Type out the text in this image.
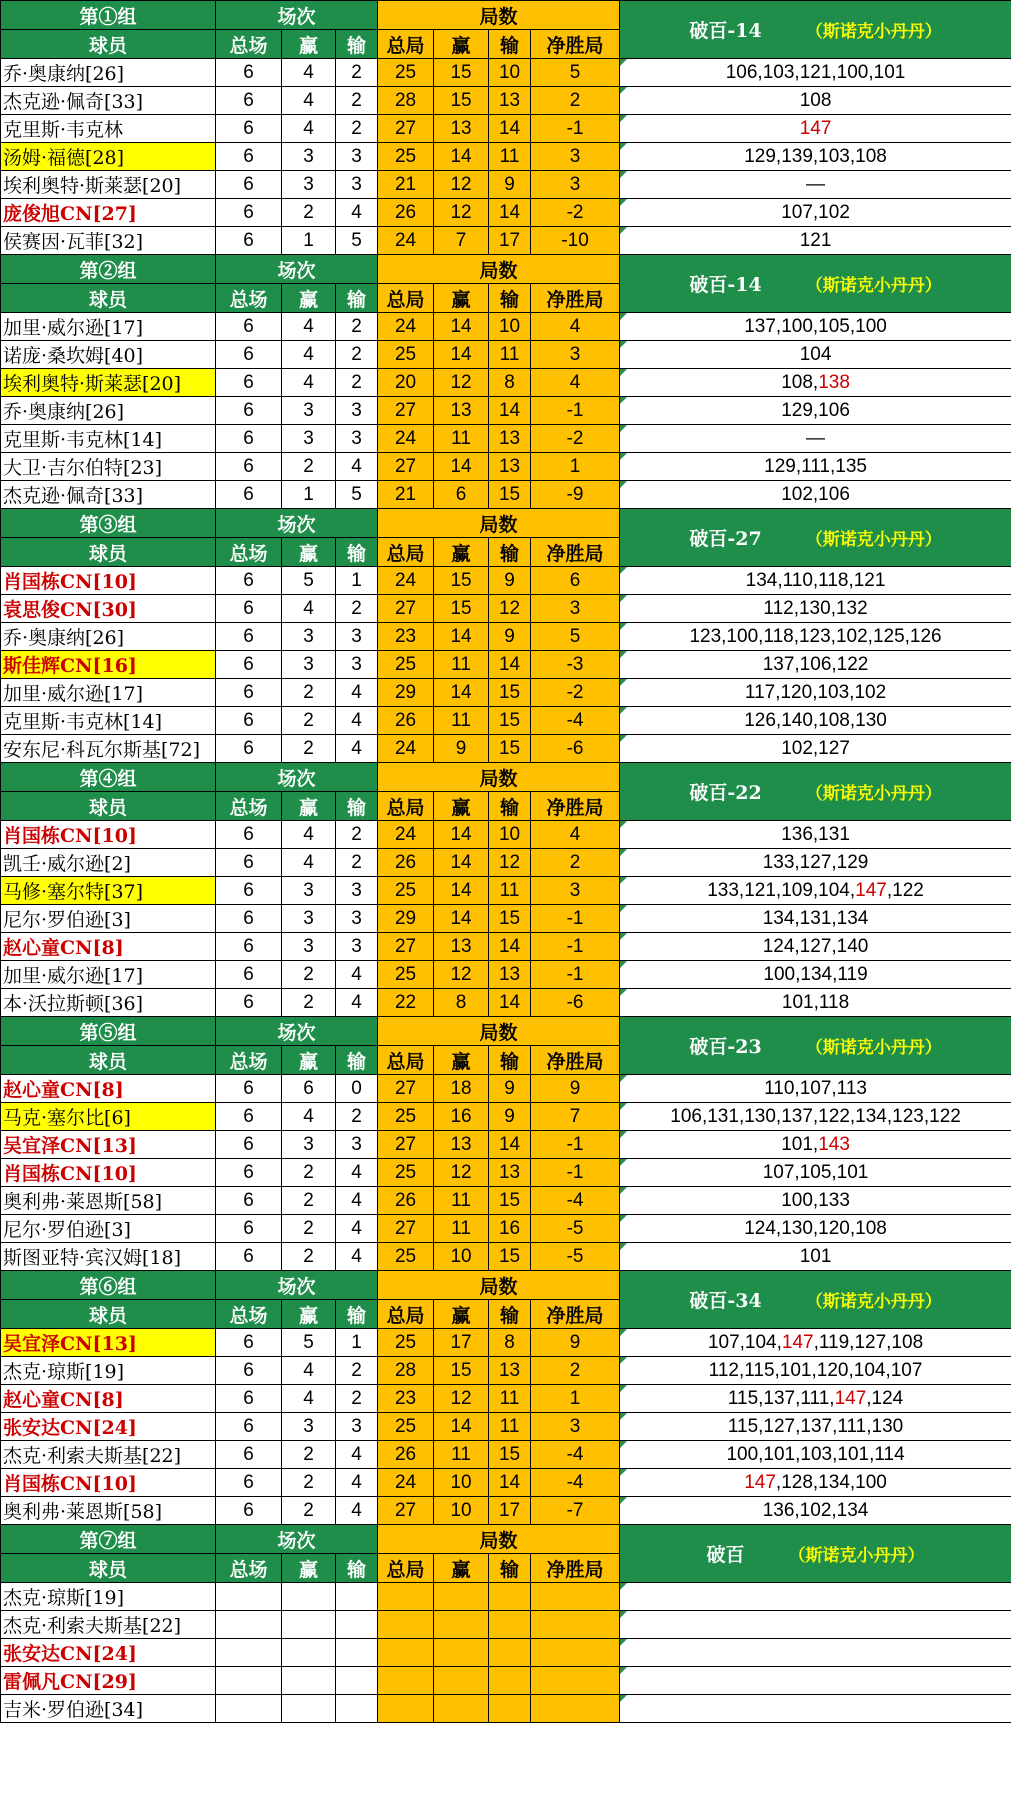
第①组	场次			局数				破百-14 （斯诺克小丹丹）
球员	总场	赢	输	总局	赢	输	净胜局	
乔·奥康纳[26]	6	4	2	25	15	10	5	106,103,121,100,101
杰克逊·佩奇[33]	6	4	2	28	15	13	2	108
克里斯·韦克林	6	4	2	27	13	14	-1	147
汤姆·福德[28]	6	3	3	25	14	11	3	129,139,103,108
埃利奥特·斯莱瑟[20]	6	3	3	21	12	9	3	—
庞俊旭CN[27]	6	2	4	26	12	14	-2	107,102
侯赛因·瓦菲[32]	6	1	5	24	7	17	-10	121
第②组	场次			局数				破百-14 （斯诺克小丹丹）
球员	总场	赢	输	总局	赢	输	净胜局	
加里·威尔逊[17]	6	4	2	24	14	10	4	137,100,105,100
诺庞·桑坎姆[40]	6	4	2	25	14	11	3	104
埃利奥特·斯莱瑟[20]	6	4	2	20	12	8	4	108,138
乔·奥康纳[26]	6	3	3	27	13	14	-1	129,106
克里斯·韦克林[14]	6	3	3	24	11	13	-2	—
大卫·吉尔伯特[23]	6	2	4	27	14	13	1	129,111,135
杰克逊·佩奇[33]	6	1	5	21	6	15	-9	102,106
第③组	场次			局数				破百-27 （斯诺克小丹丹）
球员	总场	赢	输	总局	赢	输	净胜局	
肖国栋CN[10]	6	5	1	24	15	9	6	134,110,118,121
袁思俊CN[30]	6	4	2	27	15	12	3	112,130,132
乔·奥康纳[26]	6	3	3	23	14	9	5	123,100,118,123,102,125,126
斯佳辉CN[16]	6	3	3	25	11	14	-3	137,106,122
加里·威尔逊[17]	6	2	4	29	14	15	-2	117,120,103,102
克里斯·韦克林[14]	6	2	4	26	11	15	-4	126,140,108,130
安东尼·科瓦尔斯基[72]	6	2	4	24	9	15	-6	102,127
第④组	场次			局数				破百-22 （斯诺克小丹丹）
球员	总场	赢	输	总局	赢	输	净胜局	
肖国栋CN[10]	6	4	2	24	14	10	4	136,131
凯壬·威尔逊[2]	6	4	2	26	14	12	2	133,127,129
马修·塞尔特[37]	6	3	3	25	14	11	3	133,121,109,104,147,122
尼尔·罗伯逊[3]	6	3	3	29	14	15	-1	134,131,134
赵心童CN[8]	6	3	3	27	13	14	-1	124,127,140
加里·威尔逊[17]	6	2	4	25	12	13	-1	100,134,119
本·沃拉斯顿[36]	6	2	4	22	8	14	-6	101,118
第⑤组	场次			局数				破百-23 （斯诺克小丹丹）
球员	总场	赢	输	总局	赢	输	净胜局	
赵心童CN[8]	6	6	0	27	18	9	9	110,107,113
马克·塞尔比[6]	6	4	2	25	16	9	7	106,131,130,137,122,134,123,122
吴宜泽CN[13]	6	3	3	27	13	14	-1	101,143
肖国栋CN[10]	6	2	4	25	12	13	-1	107,105,101
奥利弗·莱恩斯[58]	6	2	4	26	11	15	-4	100,133
尼尔·罗伯逊[3]	6	2	4	27	11	16	-5	124,130,120,108
斯图亚特·宾汉姆[18]	6	2	4	25	10	15	-5	101
第⑥组	场次			局数				破百-34 （斯诺克小丹丹）
球员	总场	赢	输	总局	赢	输	净胜局	
吴宜泽CN[13]	6	5	1	25	17	8	9	107,104,147,119,127,108
杰克·琼斯[19]	6	4	2	28	15	13	2	112,115,101,120,104,107
赵心童CN[8]	6	4	2	23	12	11	1	115,137,111,147,124
张安达CN[24]	6	3	3	25	14	11	3	115,127,137,111,130
杰克·利索夫斯基[22]	6	2	4	26	11	15	-4	100,101,103,101,114
肖国栋CN[10]	6	2	4	24	10	14	-4	147,128,134,100
奥利弗·莱恩斯[58]	6	2	4	27	10	17	-7	136,102,134
第⑦组	场次			局数				破百 （斯诺克小丹丹）
球员	总场	赢	输	总局	赢	输	净胜局	
杰克·琼斯[19]								
杰克·利索夫斯基[22]								
张安达CN[24]								
雷佩凡CN[29]								
吉米·罗伯逊[34]								
